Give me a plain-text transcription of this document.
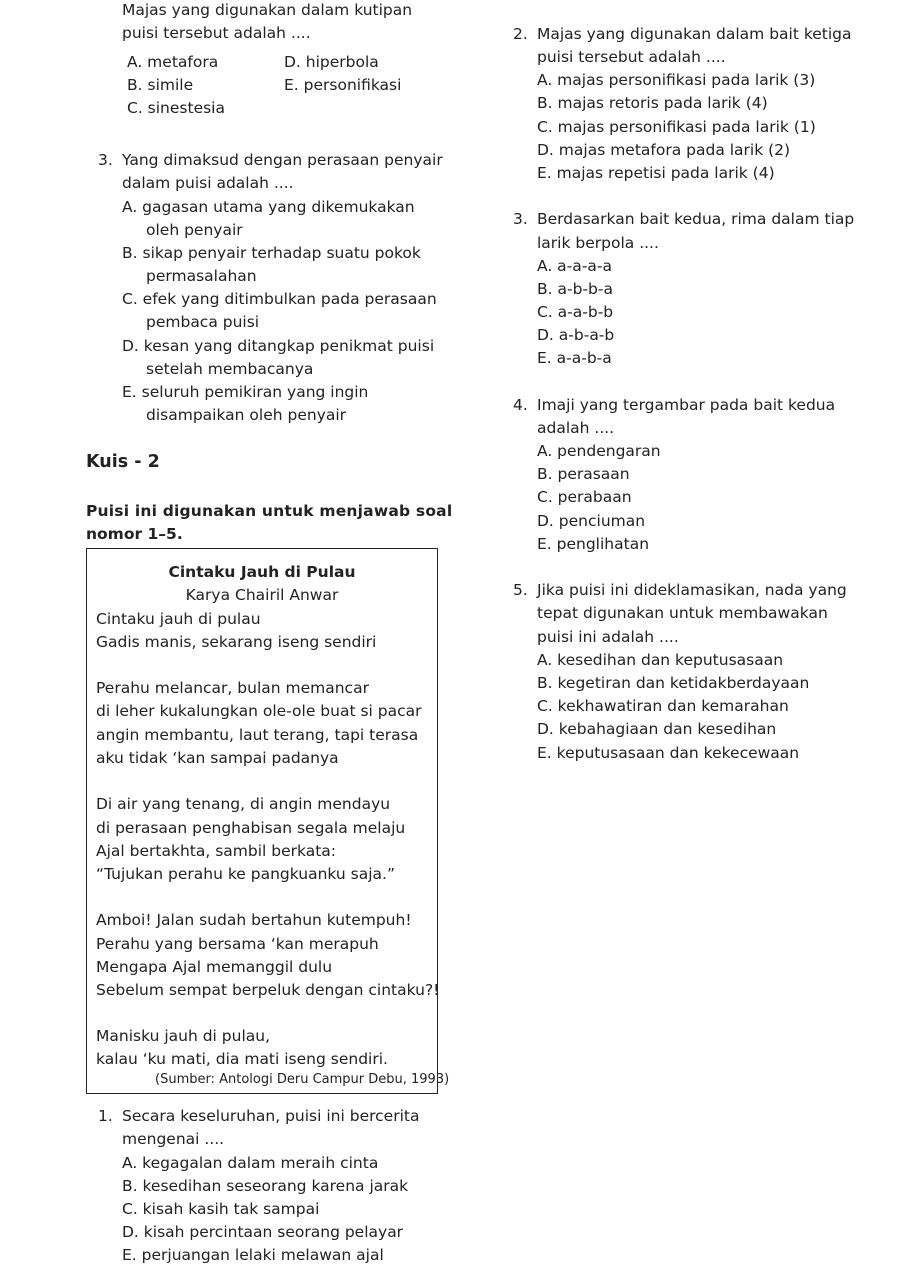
Majas yang digunakan dalam kutipan
puisi tersebut adalah ....
A. metafora	D. hiperbola
B. simile	E. personifikasi
C. sinestesia
3. Yang dimaksud dengan perasaan penyair
dalam puisi adalah ....
A. gagasan utama yang dikemukakan
oleh penyair
B. sikap penyair terhadap suatu pokok
permasalahan
C. efek yang ditimbulkan pada perasaan
pembaca puisi
D. kesan yang ditangkap penikmat puisi
setelah membacanya
E. seluruh pemikiran yang ingin
disampaikan oleh penyair
Kuis - 2
Puisi ini digunakan untuk menjawab soal
nomor 1–5.
Cintaku Jauh di Pulau
Karya Chairil Anwar
Cintaku jauh di pulau
Gadis manis, sekarang iseng sendiri
Perahu melancar, bulan memancar
di leher kukalungkan ole-ole buat si pacar
angin membantu, laut terang, tapi terasa
aku tidak ‘kan sampai padanya
Di air yang tenang, di angin mendayu
di perasaan penghabisan segala melaju
Ajal bertakhta, sambil berkata:
“Tujukan perahu ke pangkuanku saja.”
Amboi! Jalan sudah bertahun kutempuh!
Perahu yang bersama ‘kan merapuh
Mengapa Ajal memanggil dulu
Sebelum sempat berpeluk dengan cintaku?!
Manisku jauh di pulau,
kalau ‘ku mati, dia mati iseng sendiri.
(Sumber: Antologi Deru Campur Debu, 1993)
1. Secara keseluruhan, puisi ini bercerita
mengenai ....
A. kegagalan dalam meraih cinta
B. kesedihan seseorang karena jarak
C. kisah kasih tak sampai
D. kisah percintaan seorang pelayar
E. perjuangan lelaki melawan ajal
2. Majas yang digunakan dalam bait ketiga
puisi tersebut adalah ....
A. majas personifikasi pada larik (3)
B. majas retoris pada larik (4)
C. majas personifikasi pada larik (1)
D. majas metafora pada larik (2)
E. majas repetisi pada larik (4)
3. Berdasarkan bait kedua, rima dalam tiap
larik berpola ....
A. a-a-a-a
B. a-b-b-a
C. a-a-b-b
D. a-b-a-b
E. a-a-b-a
4. Imaji yang tergambar pada bait kedua
adalah ....
A. pendengaran
B. perasaan
C. perabaan
D. penciuman
E. penglihatan
5. Jika puisi ini dideklamasikan, nada yang
tepat digunakan untuk membawakan
puisi ini adalah ....
A. kesedihan dan keputusasaan
B. kegetiran dan ketidakberdayaan
C. kekhawatiran dan kemarahan
D. kebahagiaan dan kesedihan
E. keputusasaan dan kekecewaan
